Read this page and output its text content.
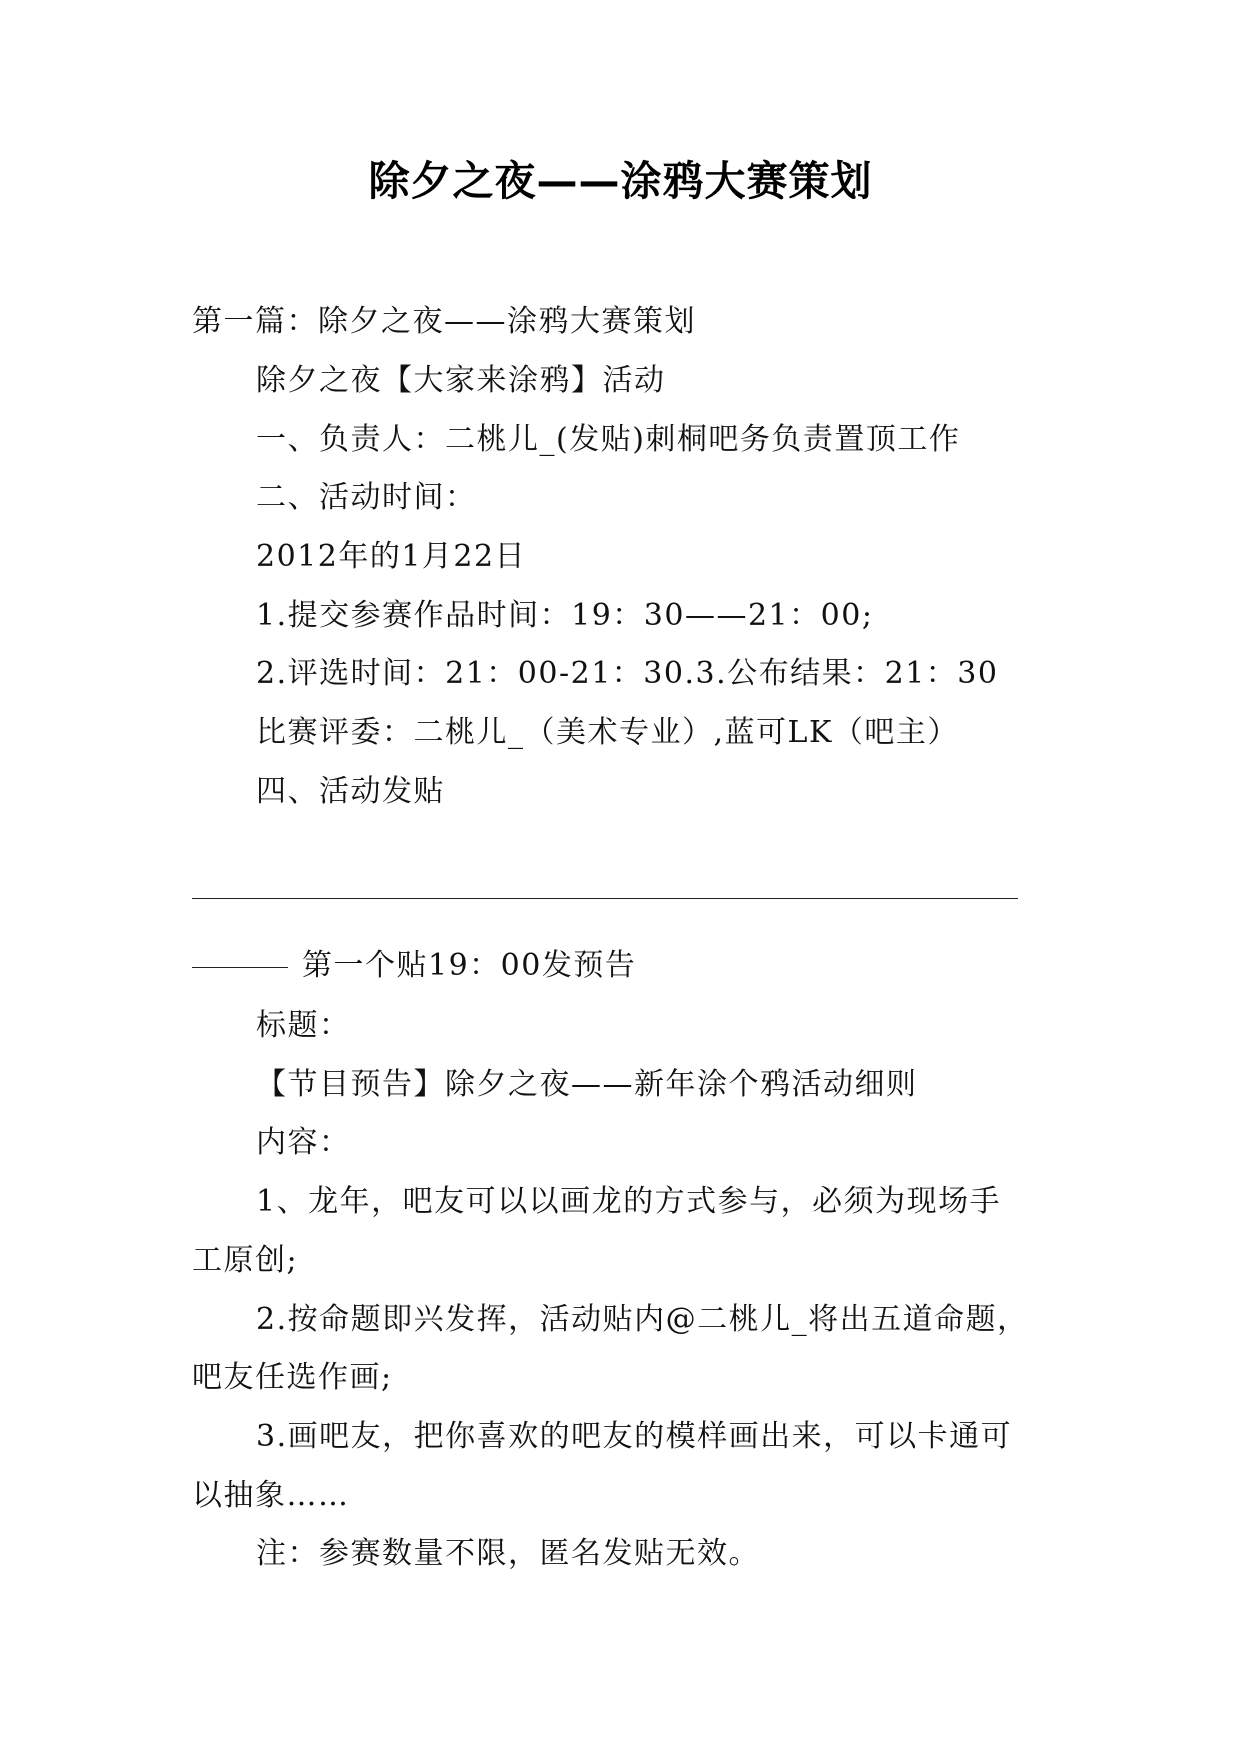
除夕之夜——涂鸦大赛策划
第一篇：除夕之夜——涂鸦大赛策划
除夕之夜【大家来涂鸦】活动
一、负责人：二桃儿_(发贴)刺桐吧务负责置顶工作
二、活动时间：
2012年的1月22日
1.提交参赛作品时间：19：30——21：00;
2.评选时间：21：00-21：30.3.公布结果：21：30
比赛评委：二桃儿_（美术专业）,蓝可LK（吧主）
四、活动发贴
第一个贴19：00发预告
标题：
【节目预告】除夕之夜——新年涂个鸦活动细则
内容：
1、龙年，吧友可以以画龙的方式参与，必须为现场手
工原创;
2.按命题即兴发挥，活动贴内@二桃儿_将出五道命题，
吧友任选作画;
3.画吧友，把你喜欢的吧友的模样画出来，可以卡通可
以抽象……
注：参赛数量不限，匿名发贴无效。
